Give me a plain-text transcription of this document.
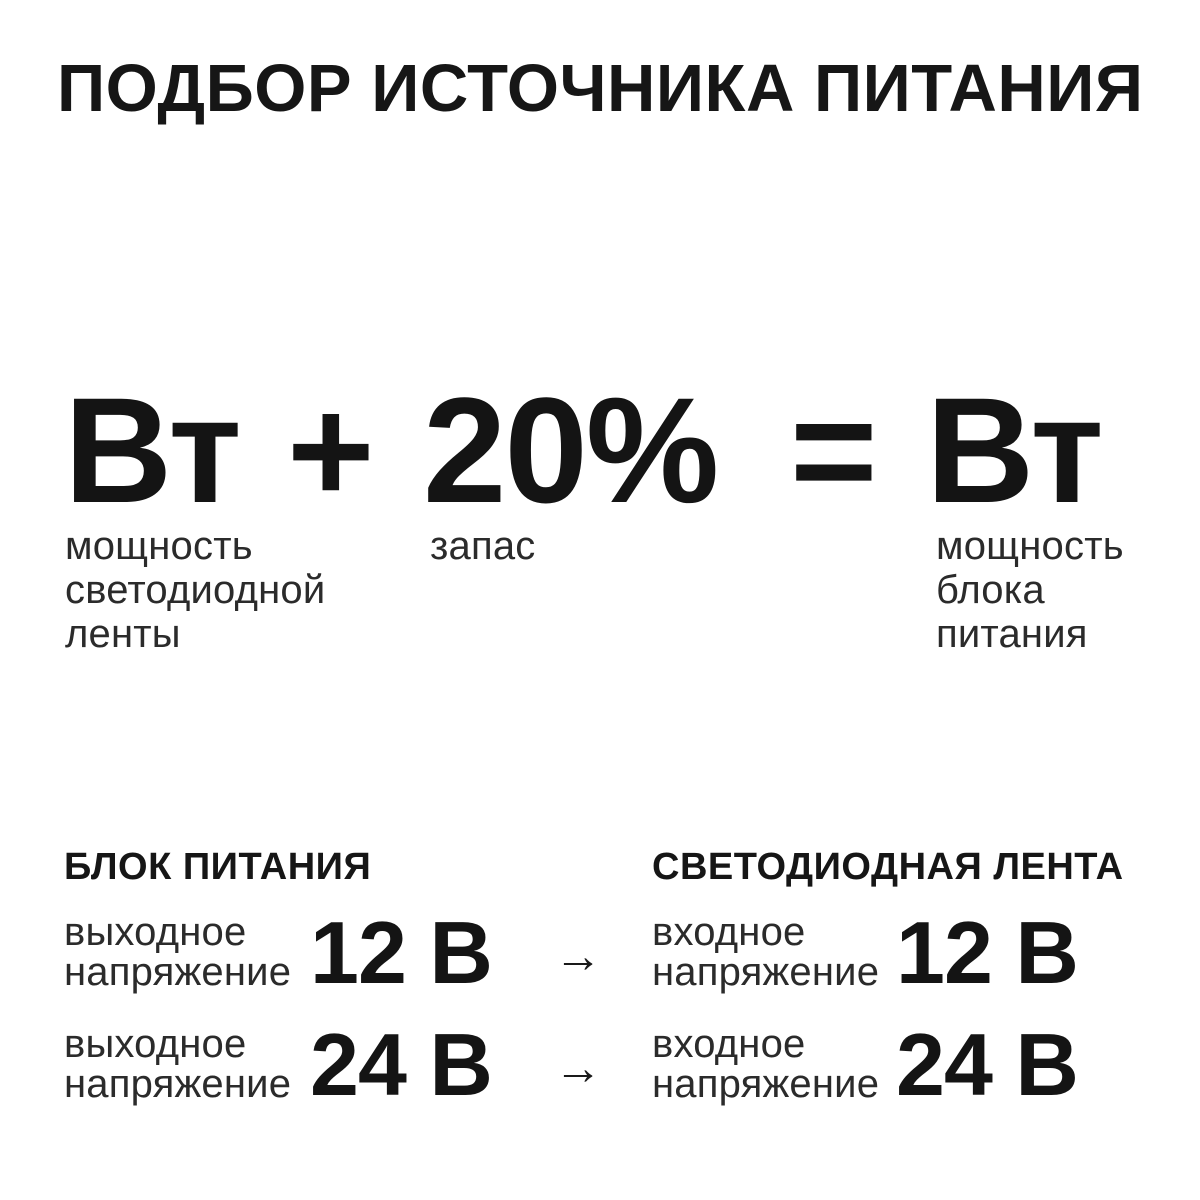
ПОДБОР ИСТОЧНИКА ПИТАНИЯ
Вт + 20% = Вт
мощность
светодиодной
ленты
запас	мощность
блока
питания
БЛОК ПИТАНИЯ	СВЕТОДИОДНАЯ ЛЕНТА
выходное
напряжение 12 В → входное
напряжение 12 В
выходное
напряжение 24 В → входное
напряжение 24 В
